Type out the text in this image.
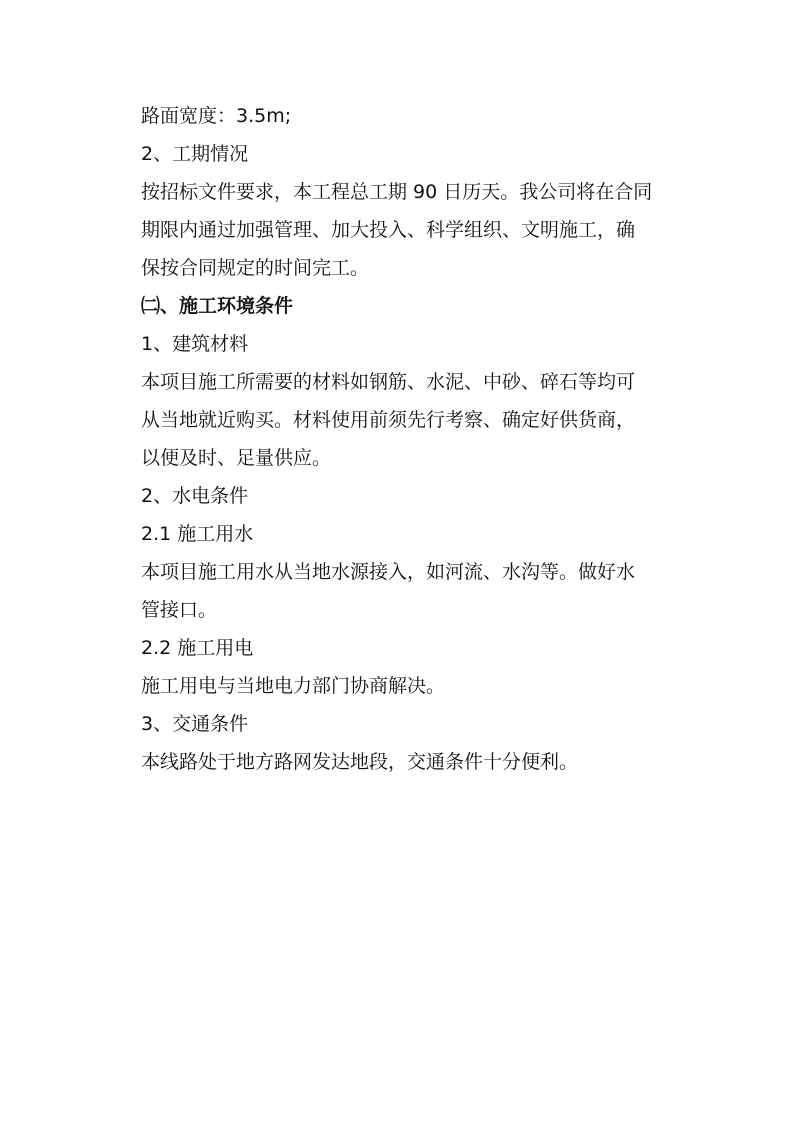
路面宽度：3.5m;

2、工期情况

按招标文件要求，本工程总工期 90 日历天。我公司将在合同

期限内通过加强管理、加大投入、科学组织、文明施工，确

保按合同规定的时间完工。

㈡、施工环境条件

1、建筑材料

本项目施工所需要的材料如钢筋、水泥、中砂、碎石等均可

从当地就近购买。材料使用前须先行考察、确定好供货商，

以便及时、足量供应。

2、水电条件

2.1 施工用水

本项目施工用水从当地水源接入，如河流、水沟等。做好水

管接口。

2.2 施工用电

施工用电与当地电力部门协商解决。

3、交通条件

本线路处于地方路网发达地段，交通条件十分便利。
